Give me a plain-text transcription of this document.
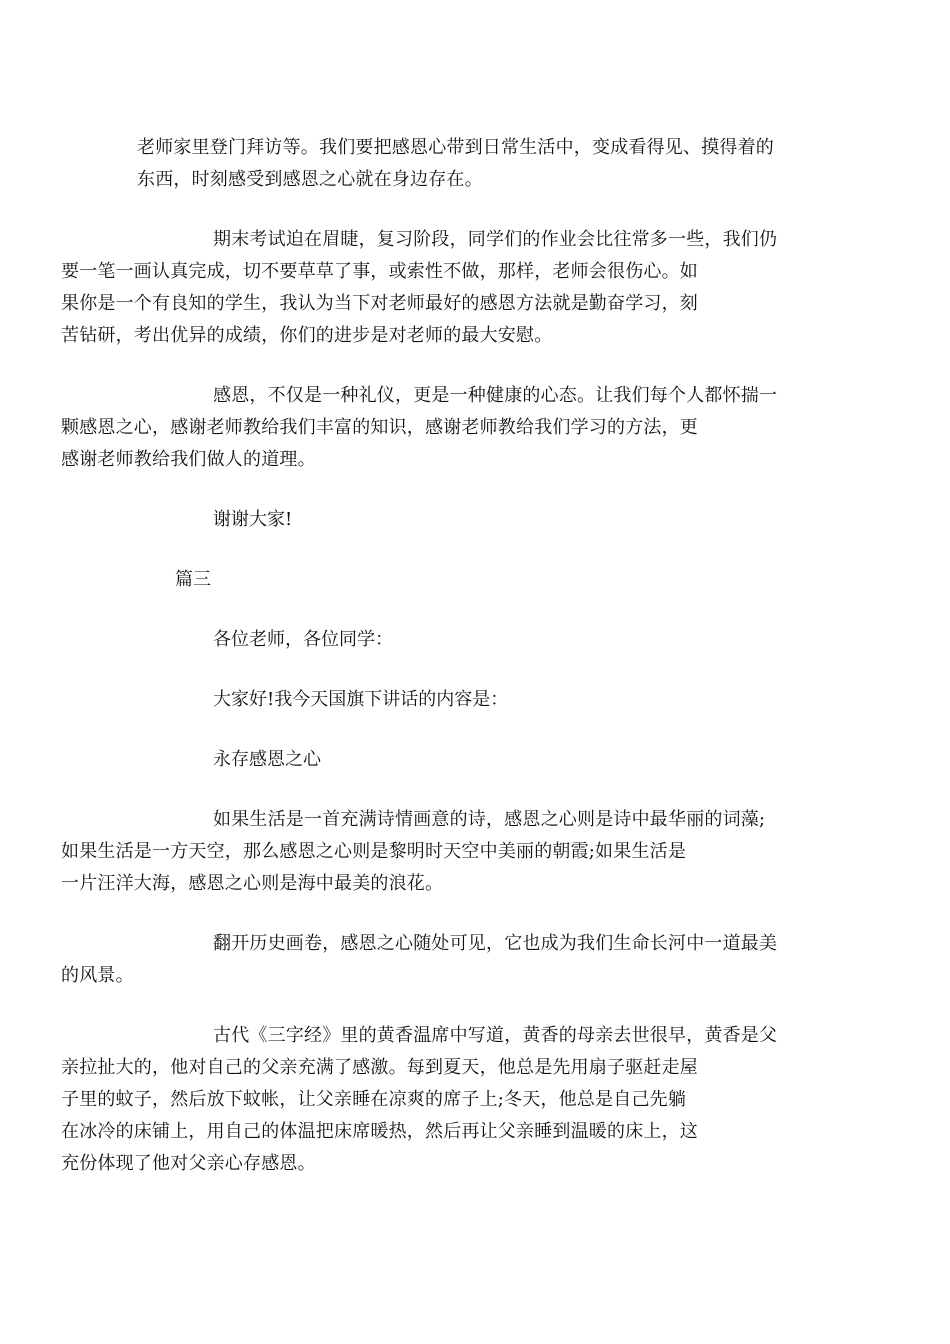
老师家里登门拜访等。我们要把感恩心带到日常生活中，变成看得见、摸得着的
东西，时刻感受到感恩之心就在身边存在。

期末考试迫在眉睫，复习阶段，同学们的作业会比往常多一些，我们仍
要一笔一画认真完成，切不要草草了事，或索性不做，那样，老师会很伤心。如
果你是一个有良知的学生，我认为当下对老师最好的感恩方法就是勤奋学习，刻
苦钻研，考出优异的成绩，你们的进步是对老师的最大安慰。

感恩，不仅是一种礼仪，更是一种健康的心态。让我们每个人都怀揣一
颗感恩之心，感谢老师教给我们丰富的知识，感谢老师教给我们学习的方法，更
感谢老师教给我们做人的道理。

谢谢大家!

篇三

各位老师，各位同学：

大家好!我今天国旗下讲话的内容是：

永存感恩之心

如果生活是一首充满诗情画意的诗，感恩之心则是诗中最华丽的词藻;
如果生活是一方天空，那么感恩之心则是黎明时天空中美丽的朝霞;如果生活是
一片汪洋大海，感恩之心则是海中最美的浪花。

翻开历史画卷，感恩之心随处可见，它也成为我们生命长河中一道最美
的风景。

古代《三字经》里的黄香温席中写道，黄香的母亲去世很早，黄香是父
亲拉扯大的，他对自己的父亲充满了感激。每到夏天，他总是先用扇子驱赶走屋
子里的蚊子，然后放下蚊帐，让父亲睡在凉爽的席子上;冬天，他总是自己先躺
在冰冷的床铺上，用自己的体温把床席暖热，然后再让父亲睡到温暖的床上，这
充份体现了他对父亲心存感恩。
